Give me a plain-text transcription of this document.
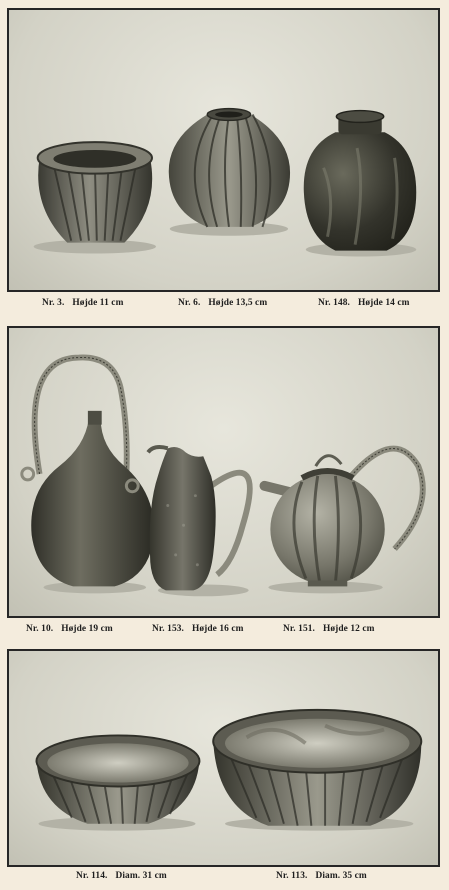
Nr. 3. Højde 11 cm	Nr. 6. Højde 13,5 cm	Nr. 148. Højde 14 cm
Nr. 10. Højde 19 cm	Nr. 153. Højde 16 cm	Nr. 151. Højde 12 cm
Nr. 114. Diam. 31 cm	Nr. 113. Diam. 35 cm
